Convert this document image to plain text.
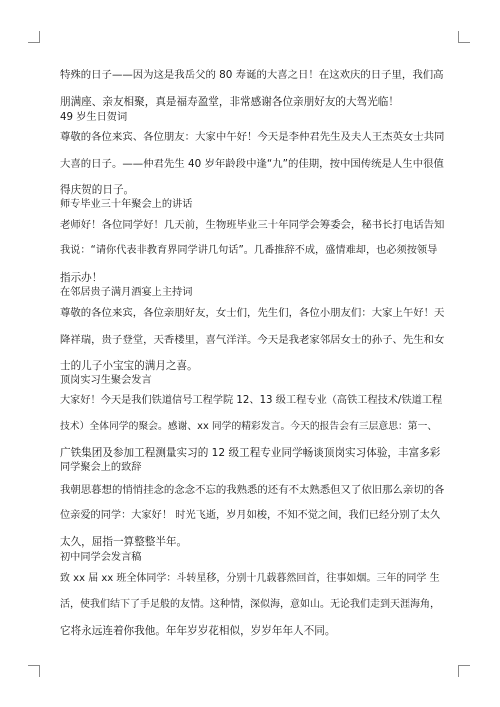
特殊的日子——因为这是我岳父的 80 寿诞的大喜之日！在这欢庆的日子里，我们高
朋满座、亲友相聚，真是福寿盈堂，非常感谢各位亲朋好友的大驾光临！
49 岁生日贺词
尊敬的各位来宾、各位朋友：大家中午好！今天是李仲君先生及夫人王杰英女士共同
大喜的日子。——仲君先生 40 岁年龄段中逢“九”的佳期，按中国传统是人生中很值
得庆贺的日子。
师专毕业三十年聚会上的讲话
老师好！各位同学好！几天前，生物班毕业三十年同学会筹委会，秘书长打电话告知
我说：“请你代表非教育界同学讲几句话”。几番推辞不成，盛情难却，也必须按领导
指示办！
在邻居贵子满月酒宴上主持词
尊敬的各位来宾，各位亲朋好友，女士们，先生们，各位小朋友们：大家上午好！天
降祥瑞，贵子登堂，天香楼里，喜气洋洋。今天是我老家邻居女士的孙子、先生和女
士的儿子小宝宝的满月之喜。
顶岗实习生聚会发言
大家好！今天是我们铁道信号工程学院 12、13 级工程专业（高铁工程技术/铁道工程
技术）全体同学的聚会。感谢、xx 同学的精彩发言。今天的报告会有三层意思：第一、
广铁集团及参加工程测量实习的 12 级工程专业同学畅谈顶岗实习体验，丰富多彩
同学聚会上的致辞
我朝思暮想的悄悄挂念的念念不忘的我熟悉的还有不太熟悉但又了依旧那么亲切的各
位亲爱的同学：大家好！ 时光飞逝，岁月如梭，不知不觉之间，我们已经分别了太久
太久，屈指一算整整半年。
初中同学会发言稿
致 xx 届 xx 班全体同学：斗转星移，分别十几载暮然回首，往事如烟。三年的同学 生
活，使我们结下了手足般的友情。这种情，深似海，意如山。无论我们走到天涯海角，
它将永远连着你我他。年年岁岁花相似，岁岁年年人不同。
